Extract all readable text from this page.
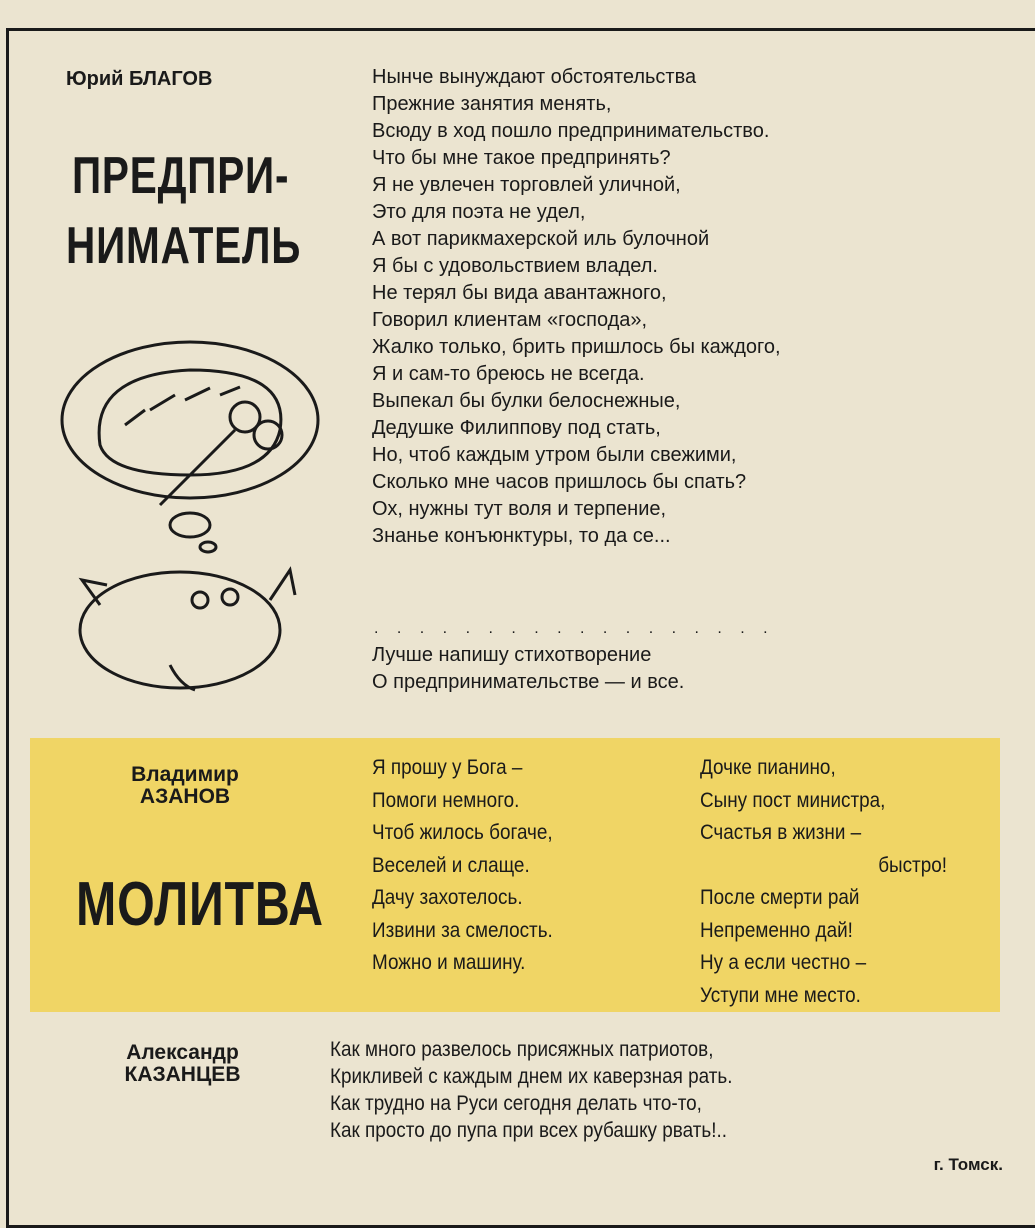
Юрий БЛАГОВ
ПРЕДПРИ-
НИМАТЕЛЬ
Нынче вынуждают обстоятельства
Прежние занятия менять,
Всюду в ход пошло предпринимательство.
Что бы мне такое предпринять?
Я не увлечен торговлей уличной,
Это для поэта не удел,
А вот парикмахерской иль булочной
Я бы с удовольствием владел.
Не терял бы вида авантажного,
Говорил клиентам «господа»,
Жалко только, брить пришлось бы каждого,
Я и сам-то бреюсь не всегда.
Выпекал бы булки белоснежные,
Дедушке Филиппову под стать,
Но, чтоб каждым утром были свежими,
Сколько мне часов пришлось бы спать?
Ох, нужны тут воля и терпение,
Знанье конъюнктуры, то да се...
. . . . . . . . . . . . . . . . . .
Лучше напишу стихотворение
О предпринимательстве — и все.
Владимир
АЗАНОВ
МОЛИТВА
Я прошу у Бога –
Помоги немного.
Чтоб жилось богаче,
Веселей и слаще.
Дачу захотелось.
Извини за смелость.
Можно и машину.
Дочке пианино,
Сыну пост министра,
Счастья в жизни –
быстро!
После смерти рай
Непременно дай!
Ну а если честно –
Уступи мне место.
Александр
КАЗАНЦЕВ
Как много развелось присяжных патриотов,
Крикливей с каждым днем их каверзная рать.
Как трудно на Руси сегодня делать что-то,
Как просто до пупа при всех рубашку рвать!..
г. Томск.
